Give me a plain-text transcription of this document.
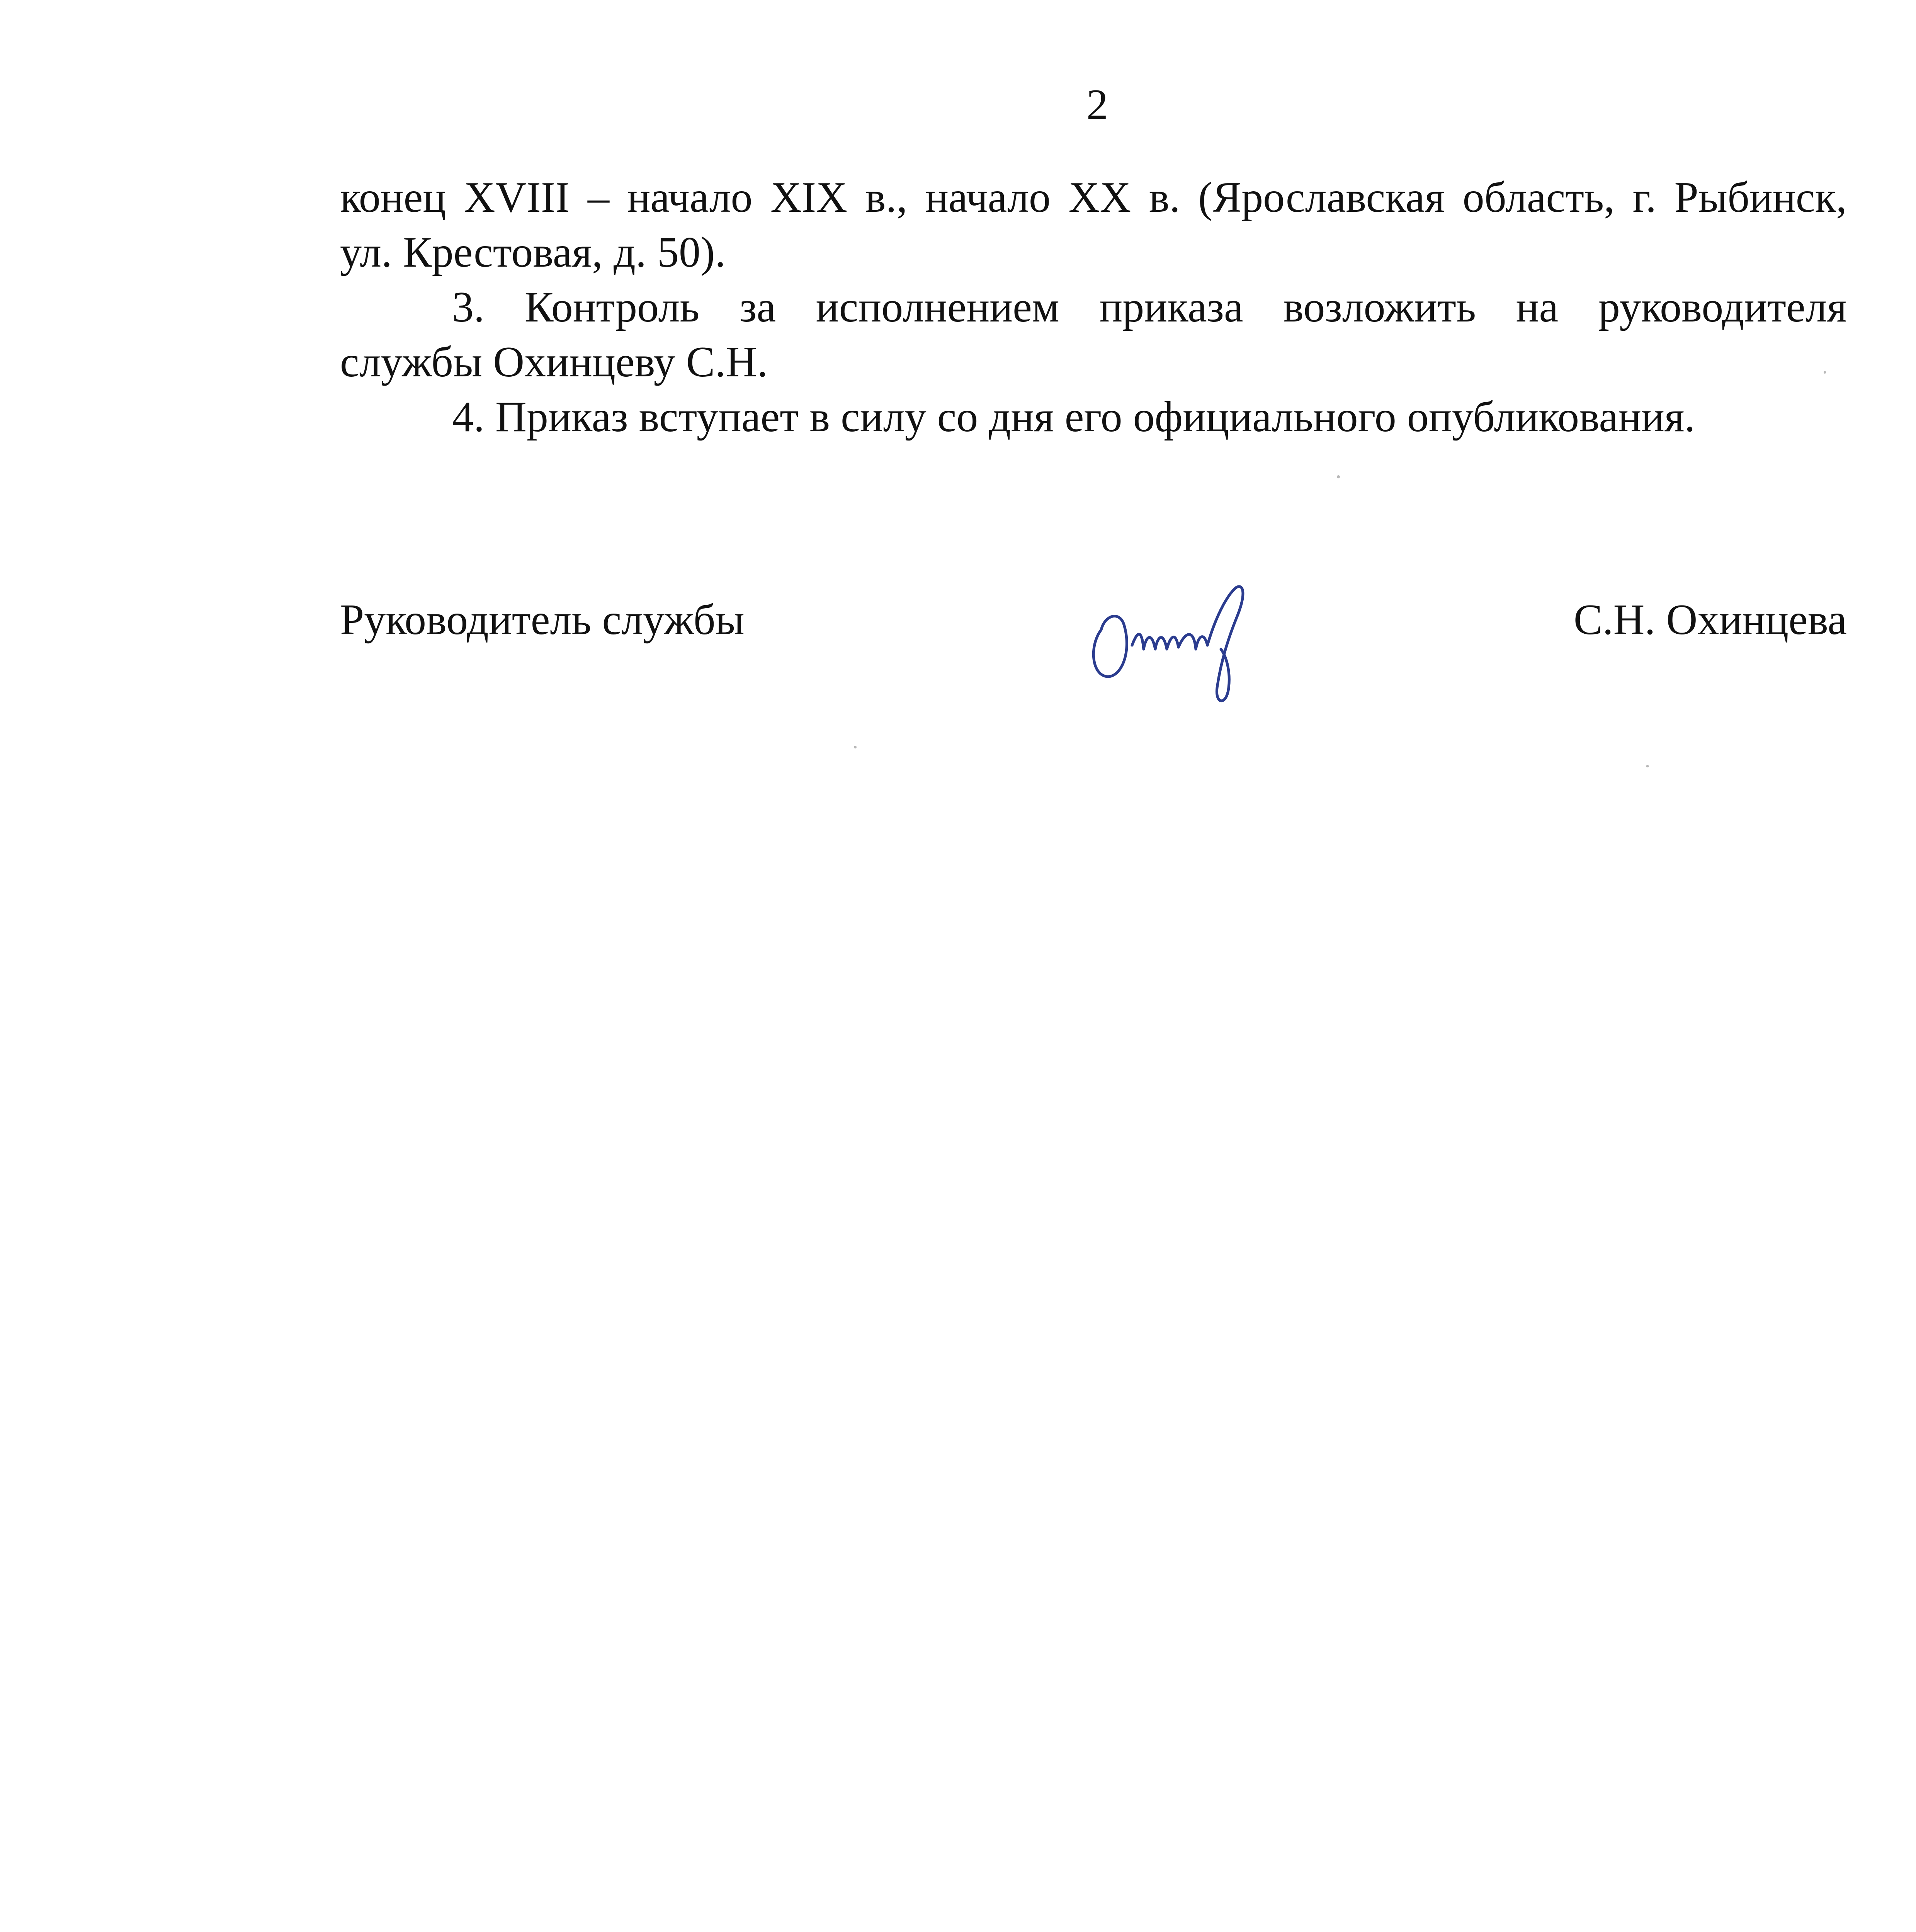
2

конец XVIII – начало XIX в., начало XX в. (Ярославская область, г. Рыбинск,

ул. Крестовая, д. 50).

3. Контроль за исполнением приказа возложить на руководителя

службы Охинцеву С.Н.

4. Приказ вступает в силу со дня его официального опубликования.

Руководитель службы	С.Н. Охинцева
